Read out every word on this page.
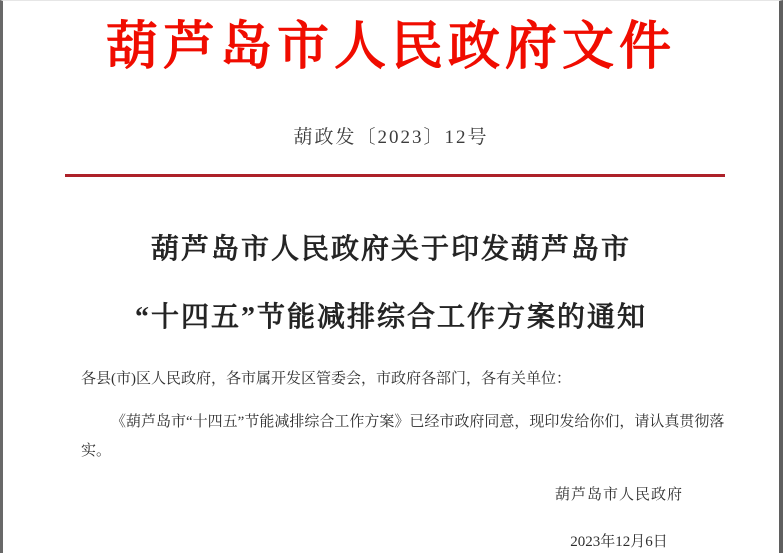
葫芦岛市人民政府文件
葫政发〔2023〕12号
葫芦岛市人民政府关于印发葫芦岛市
“十四五”节能减排综合工作方案的通知
各县(市)区人民政府，各市属开发区管委会，市政府各部门，各有关单位：
《葫芦岛市“十四五”节能减排综合工作方案》已经市政府同意，现印发给你们，请认真贯彻落实。
葫芦岛市人民政府
2023年12月6日
